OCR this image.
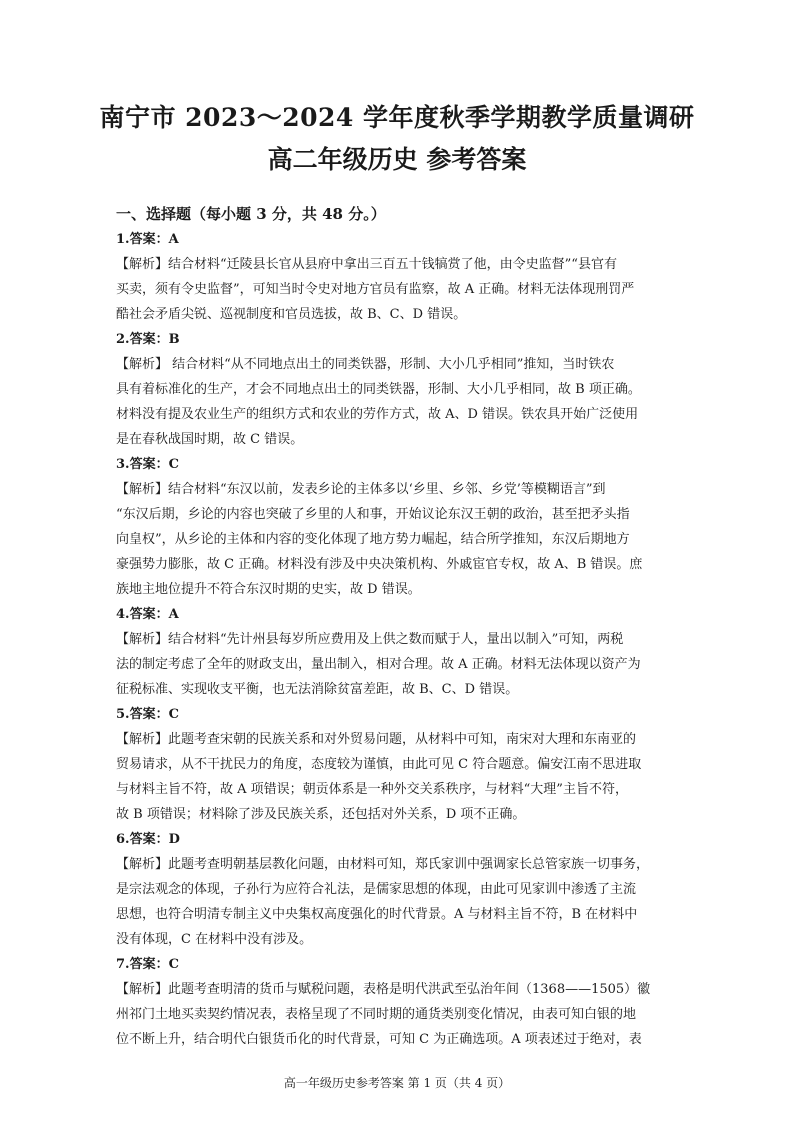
南宁市 2023～2024 学年度秋季学期教学质量调研
高二年级历史 参考答案
一、选择题（每小题 3 分，共 48 分。）
1.答案：A
【解析】结合材料“迁陵县长官从县府中拿出三百五十钱犒赏了他，由令史监督”“县官有
买卖，须有令史监督”，可知当时令史对地方官员有监察，故 A 正确。材料无法体现刑罚严
酷社会矛盾尖锐、巡视制度和官员选拔，故 B、C、D 错误。
2.答案：B
【解析】 结合材料“从不同地点出土的同类铁器，形制、大小几乎相同”推知，当时铁农
具有着标准化的生产，才会不同地点出土的同类铁器，形制、大小几乎相同，故 B 项正确。
材料没有提及农业生产的组织方式和农业的劳作方式，故 A、D 错误。铁农具开始广泛使用
是在春秋战国时期，故 C 错误。
3.答案：C
【解析】结合材料“东汉以前，发表乡论的主体多以‘乡里、乡邻、乡党’等模糊语言”到
“东汉后期，乡论的内容也突破了乡里的人和事，开始议论东汉王朝的政治，甚至把矛头指
向皇权”，从乡论的主体和内容的变化体现了地方势力崛起，结合所学推知，东汉后期地方
豪强势力膨胀，故 C 正确。材料没有涉及中央决策机构、外戚宦官专权，故 A、B 错误。庶
族地主地位提升不符合东汉时期的史实，故 D 错误。
4.答案：A
【解析】结合材料“先计州县每岁所应费用及上供之数而赋于人，量出以制入”可知，两税
法的制定考虑了全年的财政支出，量出制入，相对合理。故 A 正确。材料无法体现以资产为
征税标准、实现收支平衡，也无法消除贫富差距，故 B、C、D 错误。
5.答案：C
【解析】此题考查宋朝的民族关系和对外贸易问题，从材料中可知，南宋对大理和东南亚的
贸易请求，从不干扰民力的角度，态度较为谨慎，由此可见 C 符合题意。偏安江南不思进取
与材料主旨不符，故 A 项错误；朝贡体系是一种外交关系秩序，与材料“大理”主旨不符，
故 B 项错误；材料除了涉及民族关系，还包括对外关系，D 项不正确。
6.答案：D
【解析】此题考查明朝基层教化问题，由材料可知，郑氏家训中强调家长总管家族一切事务，
是宗法观念的体现，子孙行为应符合礼法，是儒家思想的体现，由此可见家训中渗透了主流
思想，也符合明清专制主义中央集权高度强化的时代背景。A 与材料主旨不符，B 在材料中
没有体现，C 在材料中没有涉及。
7.答案：C
【解析】此题考查明清的货币与赋税问题，表格是明代洪武至弘治年间（1368——1505）徽
州祁门土地买卖契约情况表，表格呈现了不同时期的通货类别变化情况，由表可知白银的地
位不断上升，结合明代白银货币化的时代背景，可知 C 为正确选项。A 项表述过于绝对，表
高一年级历史参考答案 第 1 页（共 4 页）
